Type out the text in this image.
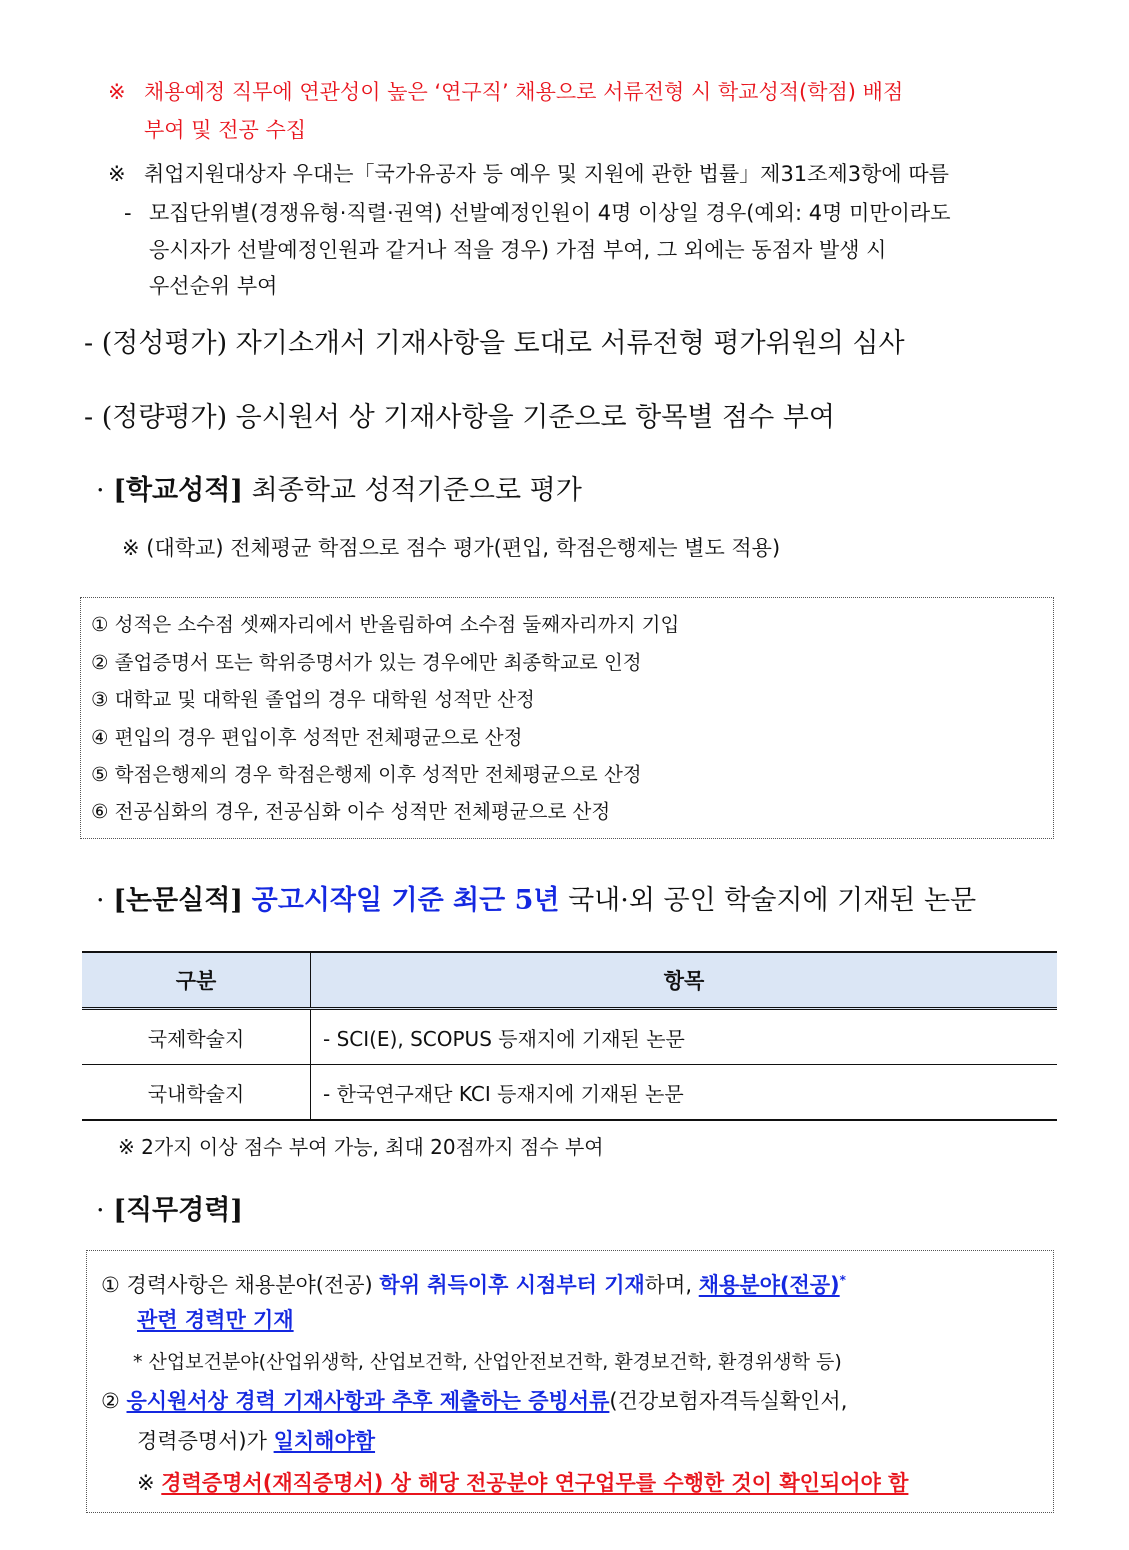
※ 채용예정 직무에 연관성이 높은 ‘연구직’ 채용으로 서류전형 시 학교성적(학점) 배점
부여 및 전공 수집
※ 취업지원대상자 우대는「국가유공자 등 예우 및 지원에 관한 법률」제31조제3항에 따름
- 모집단위별(경쟁유형·직렬·권역) 선발예정인원이 4명 이상일 경우(예외: 4명 미만이라도
응시자가 선발예정인원과 같거나 적을 경우) 가점 부여, 그 외에는 동점자 발생 시
우선순위 부여
- (정성평가) 자기소개서 기재사항을 토대로 서류전형 평가위원의 심사
- (정량평가) 응시원서 상 기재사항을 기준으로 항목별 점수 부여
· [학교성적] 최종학교 성적기준으로 평가
※ (대학교) 전체평균 학점으로 점수 평가(편입, 학점은행제는 별도 적용)
① 성적은 소수점 셋째자리에서 반올림하여 소수점 둘째자리까지 기입
② 졸업증명서 또는 학위증명서가 있는 경우에만 최종학교로 인정
③ 대학교 및 대학원 졸업의 경우 대학원 성적만 산정
④ 편입의 경우 편입이후 성적만 전체평균으로 산정
⑤ 학점은행제의 경우 학점은행제 이후 성적만 전체평균으로 산정
⑥ 전공심화의 경우, 전공심화 이수 성적만 전체평균으로 산정
· [논문실적] 공고시작일 기준 최근 5년 국내·외 공인 학술지에 기재된 논문
구분	항목
국제학술지	- SCI(E), SCOPUS 등재지에 기재된 논문
국내학술지	- 한국연구재단 KCI 등재지에 기재된 논문
※ 2가지 이상 점수 부여 가능, 최대 20점까지 점수 부여
· [직무경력]
① 경력사항은 채용분야(전공) 학위 취득이후 시점부터 기재하며, 채용분야(전공)*
관련 경력만 기재
* 산업보건분야(산업위생학, 산업보건학, 산업안전보건학, 환경보건학, 환경위생학 등)
② 응시원서상 경력 기재사항과 추후 제출하는 증빙서류(건강보험자격득실확인서,
경력증명서)가 일치해야함
※ 경력증명서(재직증명서) 상 해당 전공분야 연구업무를 수행한 것이 확인되어야 함
